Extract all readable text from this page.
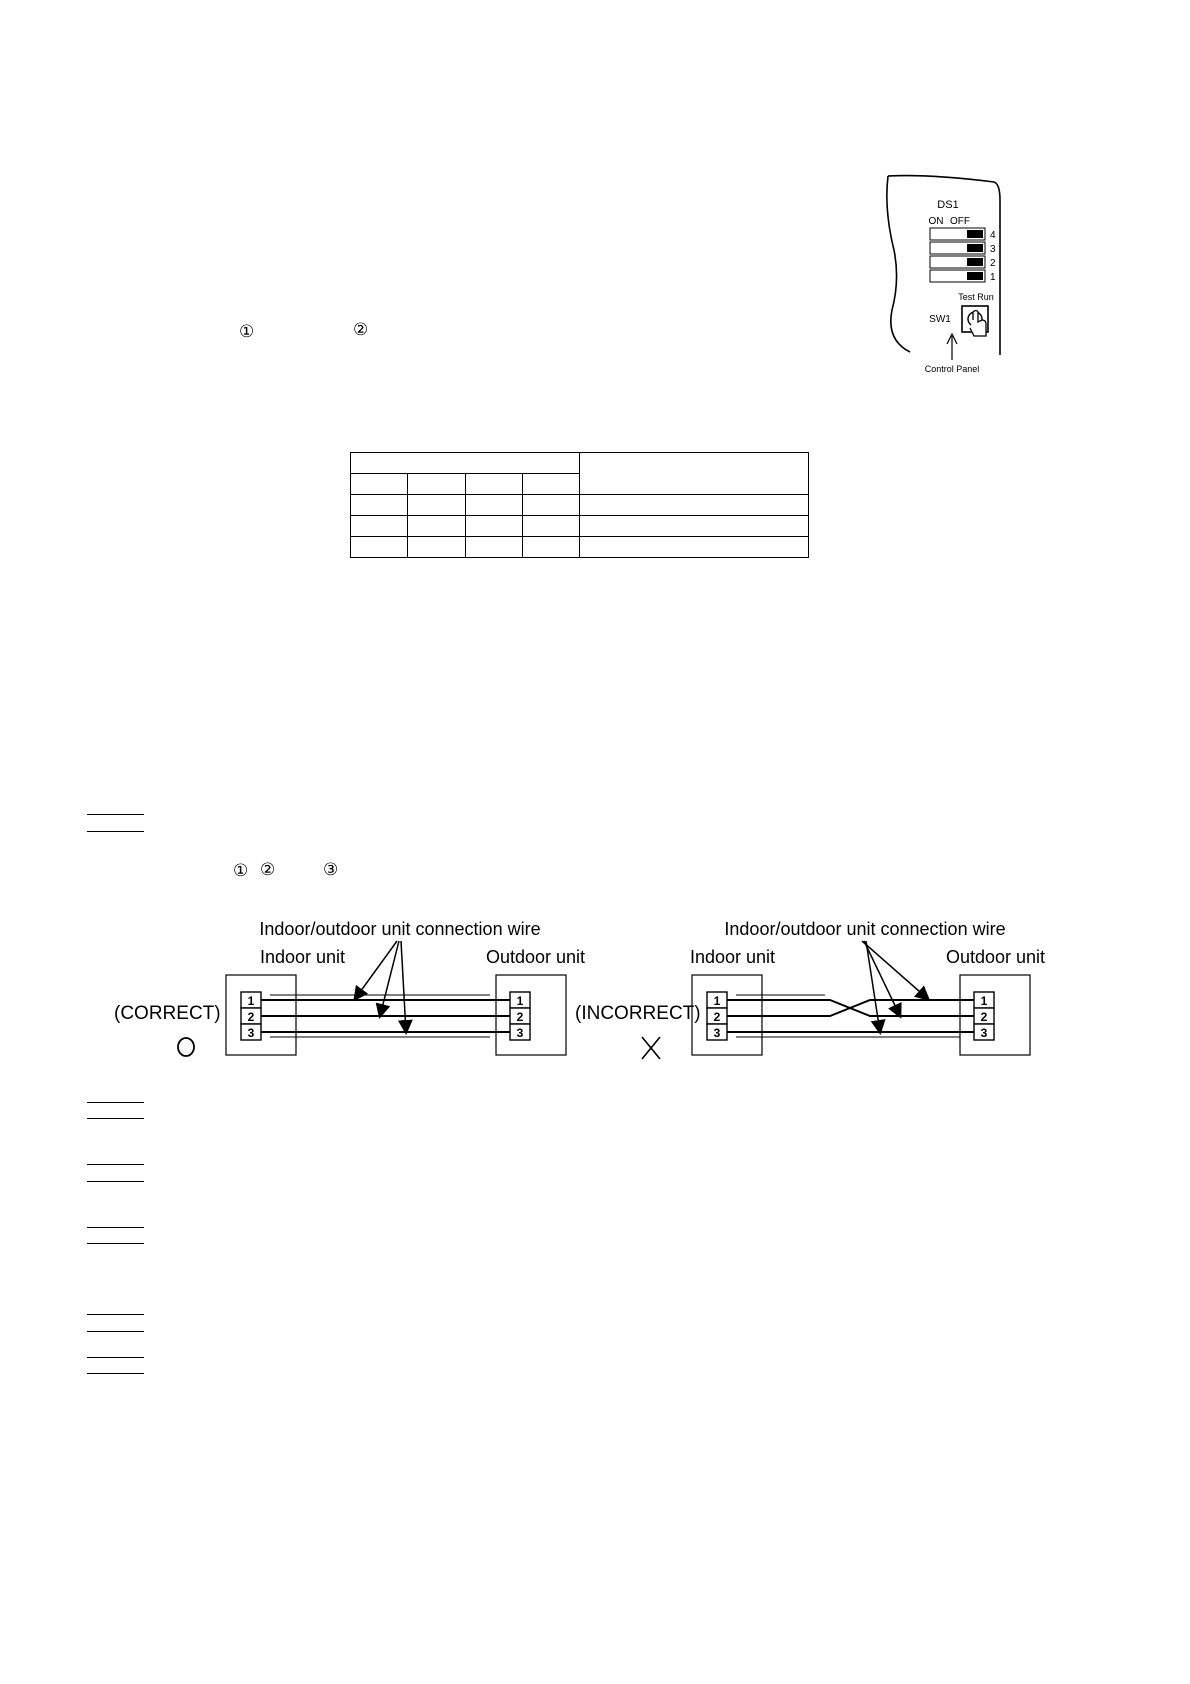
①	②
DS1
ON OFF
4
3
2
1
Test Run
SW1
Control Panel

① ②	③
Indoor/outdoor unit connection wire
Indoor unit	Outdoor unit
1
2
3
1
2
3
(CORRECT)
Indoor/outdoor unit connection wire
Indoor unit	Outdoor unit
1
2
3
1
2
3
(INCORRECT)
